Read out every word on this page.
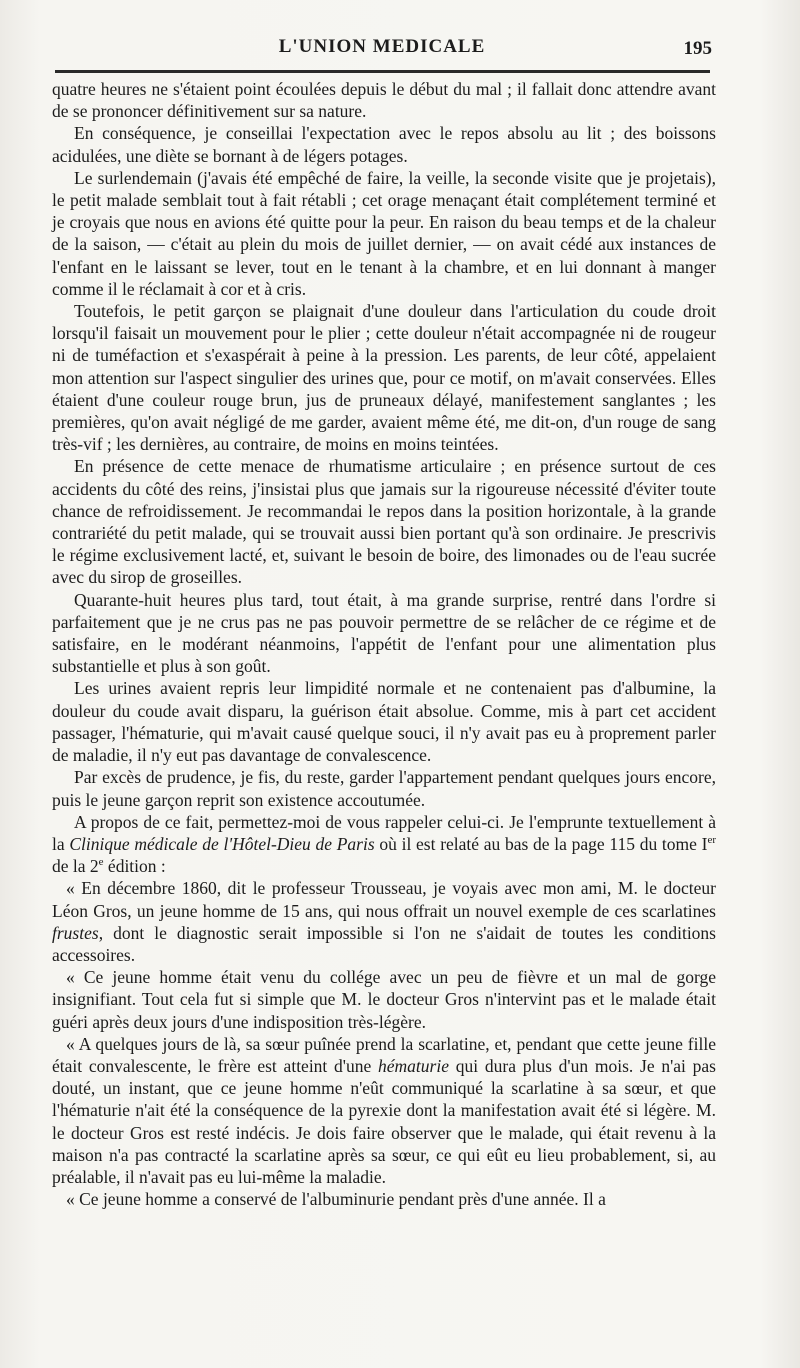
L'UNION MEDICALE	195

quatre heures ne s'étaient point écoulées depuis le début du mal ; il fallait donc attendre avant de se prononcer définitivement sur sa nature.

En conséquence, je conseillai l'expectation avec le repos absolu au lit ; des boissons acidulées, une diète se bornant à de légers potages.

Le surlendemain (j'avais été empêché de faire, la veille, la seconde visite que je projetais), le petit malade semblait tout à fait rétabli ; cet orage menaçant était complétement terminé et je croyais que nous en avions été quitte pour la peur. En raison du beau temps et de la chaleur de la saison, — c'était au plein du mois de juillet dernier, — on avait cédé aux instances de l'enfant en le laissant se lever, tout en le tenant à la chambre, et en lui donnant à manger comme il le réclamait à cor et à cris.

Toutefois, le petit garçon se plaignait d'une douleur dans l'articulation du coude droit lorsqu'il faisait un mouvement pour le plier ; cette douleur n'était accompagnée ni de rougeur ni de tuméfaction et s'exaspérait à peine à la pression. Les parents, de leur côté, appelaient mon attention sur l'aspect singulier des urines que, pour ce motif, on m'avait conservées. Elles étaient d'une couleur rouge brun, jus de pruneaux délayé, manifestement sanglantes ; les premières, qu'on avait négligé de me garder, avaient même été, me dit-on, d'un rouge de sang très-vif ; les dernières, au contraire, de moins en moins teintées.

En présence de cette menace de rhumatisme articulaire ; en présence surtout de ces accidents du côté des reins, j'insistai plus que jamais sur la rigoureuse nécessité d'éviter toute chance de refroidissement. Je recommandai le repos dans la position horizontale, à la grande contrariété du petit malade, qui se trouvait aussi bien portant qu'à son ordinaire. Je prescrivis le régime exclusivement lacté, et, suivant le besoin de boire, des limonades ou de l'eau sucrée avec du sirop de groseilles.

Quarante-huit heures plus tard, tout était, à ma grande surprise, rentré dans l'ordre si parfaitement que je ne crus pas ne pas pouvoir permettre de se relâcher de ce régime et de satisfaire, en le modérant néanmoins, l'appétit de l'enfant pour une alimentation plus substantielle et plus à son goût.

Les urines avaient repris leur limpidité normale et ne contenaient pas d'albumine, la douleur du coude avait disparu, la guérison était absolue. Comme, mis à part cet accident passager, l'hématurie, qui m'avait causé quelque souci, il n'y avait pas eu à proprement parler de maladie, il n'y eut pas davantage de convalescence.

Par excès de prudence, je fis, du reste, garder l'appartement pendant quelques jours encore, puis le jeune garçon reprit son existence accoutumée.

A propos de ce fait, permettez-moi de vous rappeler celui-ci. Je l'emprunte textuellement à la Clinique médicale de l'Hôtel-Dieu de Paris où il est relaté au bas de la page 115 du tome Ier de la 2e édition :

« En décembre 1860, dit le professeur Trousseau, je voyais avec mon ami, M. le docteur Léon Gros, un jeune homme de 15 ans, qui nous offrait un nouvel exemple de ces scarlatines frustes, dont le diagnostic serait impossible si l'on ne s'aidait de toutes les conditions accessoires.

« Ce jeune homme était venu du collége avec un peu de fièvre et un mal de gorge insignifiant. Tout cela fut si simple que M. le docteur Gros n'intervint pas et le malade était guéri après deux jours d'une indisposition très-légère.

« A quelques jours de là, sa sœur puînée prend la scarlatine, et, pendant que cette jeune fille était convalescente, le frère est atteint d'une hématurie qui dura plus d'un mois. Je n'ai pas douté, un instant, que ce jeune homme n'eût communiqué la scarlatine à sa sœur, et que l'hématurie n'ait été la conséquence de la pyrexie dont la manifestation avait été si légère. M. le docteur Gros est resté indécis. Je dois faire observer que le malade, qui était revenu à la maison n'a pas contracté la scarlatine après sa sœur, ce qui eût eu lieu probablement, si, au préalable, il n'avait pas eu lui-même la maladie.

« Ce jeune homme a conservé de l'albuminurie pendant près d'une année. Il a
